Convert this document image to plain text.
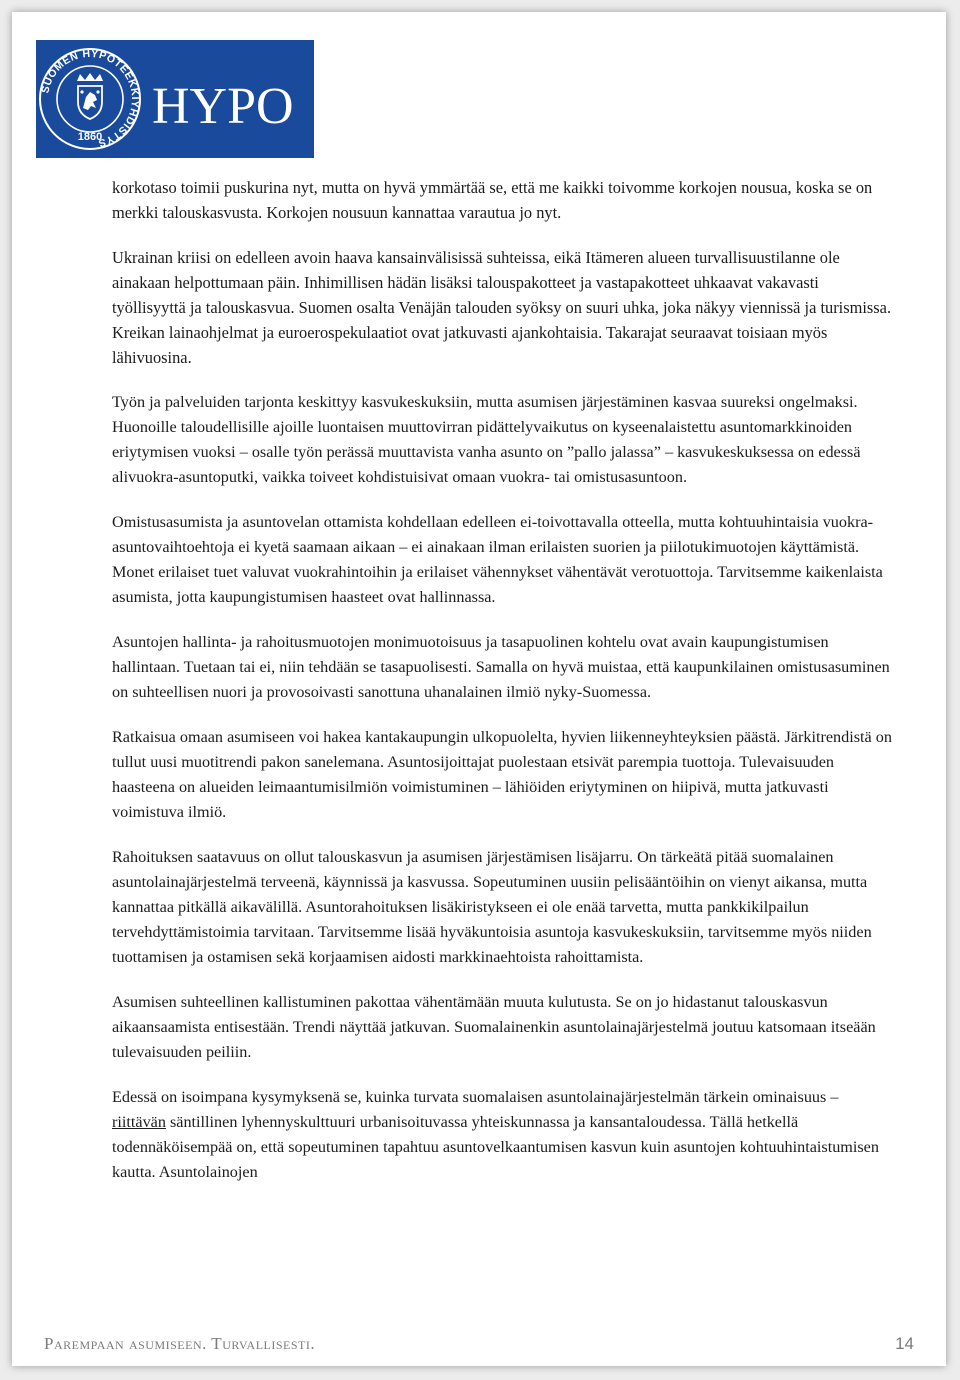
SUOMEN HYPOTEEKKIYHDISTYS
1860
HYPO

korkotaso toimii puskurina nyt, mutta on hyvä ymmärtää se, että me kaikki toivomme korkojen nousua, koska se on merkki talouskasvusta. Korkojen nousuun kannattaa varautua jo nyt.

Ukrainan kriisi on edelleen avoin haava kansainvälisissä suhteissa, eikä Itämeren alueen turvallisuustilanne ole ainakaan helpottumaan päin. Inhimillisen hädän lisäksi talouspakotteet ja vastapakotteet uhkaavat vakavasti työllisyyttä ja talouskasvua. Suomen osalta Venäjän talouden syöksy on suuri uhka, joka näkyy viennissä ja turismissa. Kreikan lainaohjelmat ja euroerospekulaatiot ovat jatkuvasti ajankohtaisia. Takarajat seuraavat toisiaan myös lähivuosina.

Työn ja palveluiden tarjonta keskittyy kasvukeskuksiin, mutta asumisen järjestäminen kasvaa suureksi ongelmaksi. Huonoille taloudellisille ajoille luontaisen muuttovirran pidättelyvaikutus on kyseenalaistettu asuntomarkkinoiden eriytymisen vuoksi – osalle työn perässä muuttavista vanha asunto on ”pallo jalassa” – kasvukeskuksessa on edessä alivuokra-asuntoputki, vaikka toiveet kohdistuisivat omaan vuokra- tai omistusasuntoon.

Omistusasumista ja asuntovelan ottamista kohdellaan edelleen ei-toivottavalla otteella, mutta kohtuuhintaisia vuokra-asuntovaihtoehtoja ei kyetä saamaan aikaan – ei ainakaan ilman erilaisten suorien ja piilotukimuotojen käyttämistä. Monet erilaiset tuet valuvat vuokrahintoihin ja erilaiset vähennykset vähentävät verotuottoja. Tarvitsemme kaikenlaista asumista, jotta kaupungistumisen haasteet ovat hallinnassa.

Asuntojen hallinta- ja rahoitusmuotojen monimuotoisuus ja tasapuolinen kohtelu ovat avain kaupungistumisen hallintaan. Tuetaan tai ei, niin tehdään se tasapuolisesti. Samalla on hyvä muistaa, että kaupunkilainen omistusasuminen on suhteellisen nuori ja provosoivasti sanottuna uhanalainen ilmiö nyky-Suomessa.

Ratkaisua omaan asumiseen voi hakea kantakaupungin ulkopuolelta, hyvien liikenneyhteyksien päästä. Järkitrendistä on tullut uusi muotitrendi pakon sanelemana. Asuntosijoittajat puolestaan etsivät parempia tuottoja. Tulevaisuuden haasteena on alueiden leimaantumisilmiön voimistuminen – lähiöiden eriytyminen on hiipivä, mutta jatkuvasti voimistuva ilmiö.

Rahoituksen saatavuus on ollut talouskasvun ja asumisen järjestämisen lisäjarru. On tärkeätä pitää suomalainen asuntolainajärjestelmä terveenä, käynnissä ja kasvussa. Sopeutuminen uusiin pelisääntöihin on vienyt aikansa, mutta kannattaa pitkällä aikavälillä. Asuntorahoituksen lisäkiristykseen ei ole enää tarvetta, mutta pankkikilpailun tervehdyttämistoimia tarvitaan. Tarvitsemme lisää hyväkuntoisia asuntoja kasvukeskuksiin, tarvitsemme myös niiden tuottamisen ja ostamisen sekä korjaamisen aidosti markkinaehtoista rahoittamista.

Asumisen suhteellinen kallistuminen pakottaa vähentämään muuta kulutusta. Se on jo hidastanut talouskasvun aikaansaamista entisestään. Trendi näyttää jatkuvan. Suomalainenkin asuntolainajärjestelmä joutuu katsomaan itseään tulevaisuuden peiliin.

Edessä on isoimpana kysymyksenä se, kuinka turvata suomalaisen asuntolainajärjestelmän tärkein ominaisuus – riittävän säntillinen lyhennyskulttuuri urbanisoituvassa yhteiskunnassa ja kansantaloudessa. Tällä hetkellä todennäköisempää on, että sopeutuminen tapahtuu asuntovelkaantumisen kasvun kuin asuntojen kohtuuhintaistumisen kautta. Asuntolainojen

Parempaan asumiseen. Turvallisesti.	14
